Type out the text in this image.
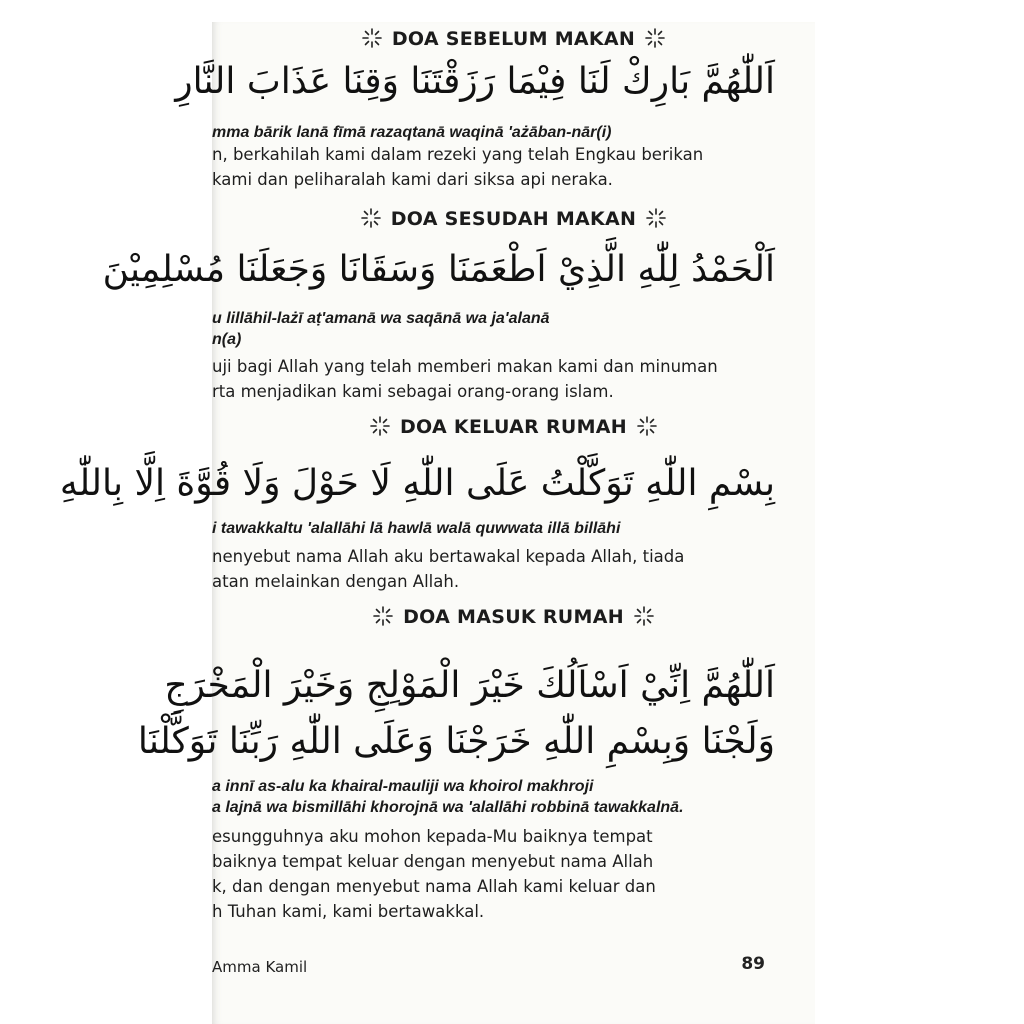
DOA SEBELUM MAKAN
اَللّٰهُمَّ بَارِكْ لَنَا فِيْمَا رَزَقْتَنَا وَقِنَا عَذَابَ النَّارِ
mma bārik lanā fīmā razaqtanā waqinā 'ażāban-nār(i)
n, berkahilah kami dalam rezeki yang telah Engkau berikan
kami dan peliharalah kami dari siksa api neraka.
DOA SESUDAH MAKAN
اَلْحَمْدُ لِلّٰهِ الَّذِيْ اَطْعَمَنَا وَسَقَانَا وَجَعَلَنَا مُسْلِمِيْنَ
u lillāhil-lażī aṭ'amanā wa saqānā wa ja'alanā
n(a)
uji bagi Allah yang telah memberi makan kami dan minuman
rta menjadikan kami sebagai orang-orang islam.
DOA KELUAR RUMAH
بِسْمِ اللّٰهِ تَوَكَّلْتُ عَلَى اللّٰهِ لَا حَوْلَ وَلَا قُوَّةَ اِلَّا بِاللّٰهِ
i tawakkaltu 'alallāhi lā hawlā walā quwwata illā billāhi
nenyebut nama Allah aku bertawakal kepada Allah, tiada
atan melainkan dengan Allah.
DOA MASUK RUMAH
اَللّٰهُمَّ اِنِّيْ اَسْاَلُكَ خَيْرَ الْمَوْلِجِ وَخَيْرَ الْمَخْرَجِ
وَلَجْنَا وَبِسْمِ اللّٰهِ خَرَجْنَا وَعَلَى اللّٰهِ رَبِّنَا تَوَكَّلْنَا
a innī as-alu ka khairal-mauliji wa khoirol makhroji
a lajnā wa bismillāhi khorojnā wa 'alallāhi robbinā tawakkalnā.
esungguhnya aku mohon kepada-Mu baiknya tempat
baiknya tempat keluar dengan menyebut nama Allah
k, dan dengan menyebut nama Allah kami keluar dan
h Tuhan kami, kami bertawakkal.
Amma Kamil	89
